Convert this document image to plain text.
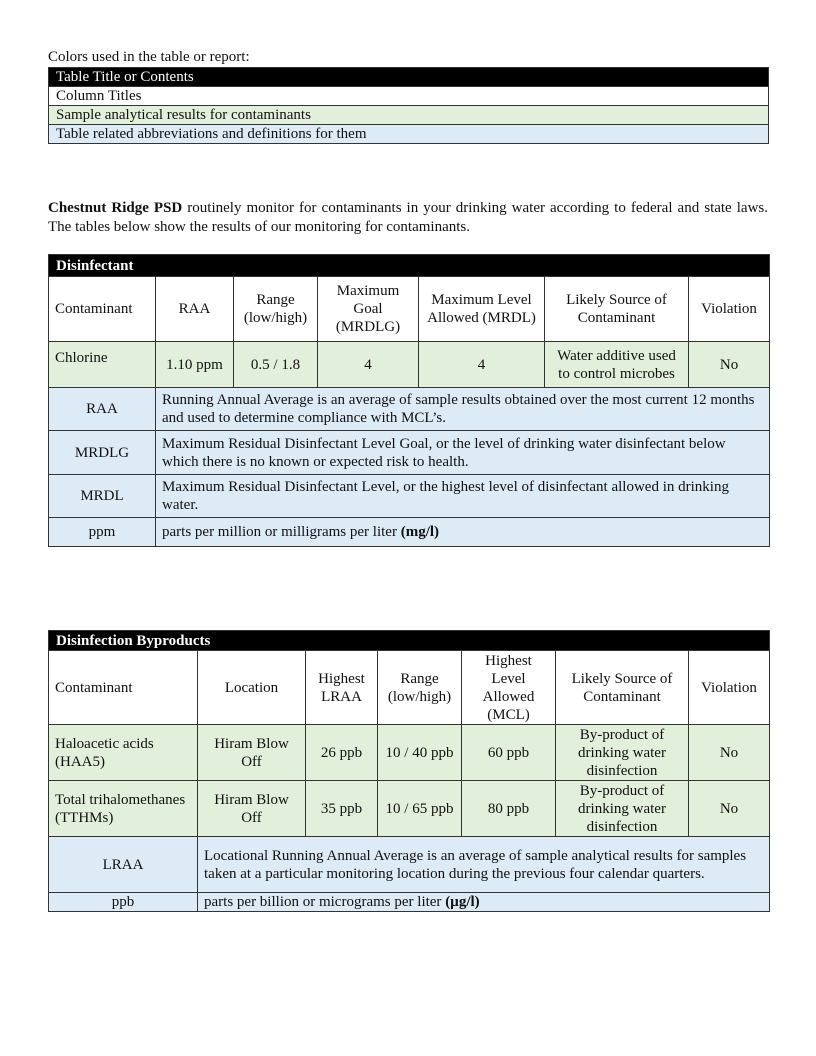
Colors used in the table or report:
Table Title or Contents
Column Titles
Sample analytical results for contaminants
Table related abbreviations and definitions for them

Chestnut Ridge PSD routinely monitor for contaminants in your drinking water according to federal and state laws. The tables below show the results of our monitoring for contaminants.

Disinfectant						
Contaminant	RAA	Range (low/high)	Maximum Goal (MRDLG)	Maximum Level Allowed (MRDL)	Likely Source of Contaminant	Violation
Chlorine	1.10 ppm	0.5 / 1.8	4	4	Water additive used to control microbes	No
RAA	Running Annual Average is an average of sample results obtained over the most current 12 months and used to determine compliance with MCL’s.					
MRDLG	Maximum Residual Disinfectant Level Goal, or the level of drinking water disinfectant below which there is no known or expected risk to health.					
MRDL	Maximum Residual Disinfectant Level, or the highest level of disinfectant allowed in drinking water.					
ppm	parts per million or milligrams per liter (mg/l)					
Disinfection Byproducts						
Contaminant	Location	Highest LRAA	Range (low/high)	Highest Level Allowed (MCL)	Likely Source of Contaminant	Violation
Haloacetic acids (HAA5)	Hiram Blow Off	26 ppb	10 / 40 ppb	60 ppb	By-product of drinking water disinfection	No
Total trihalomethanes (TTHMs)	Hiram Blow Off	35 ppb	10 / 65 ppb	80 ppb	By-product of drinking water disinfection	No
LRAA	Locational Running Annual Average is an average of sample analytical results for samples taken at a particular monitoring location during the previous four calendar quarters.					
ppb	parts per billion or micrograms per liter (µg/l)					
